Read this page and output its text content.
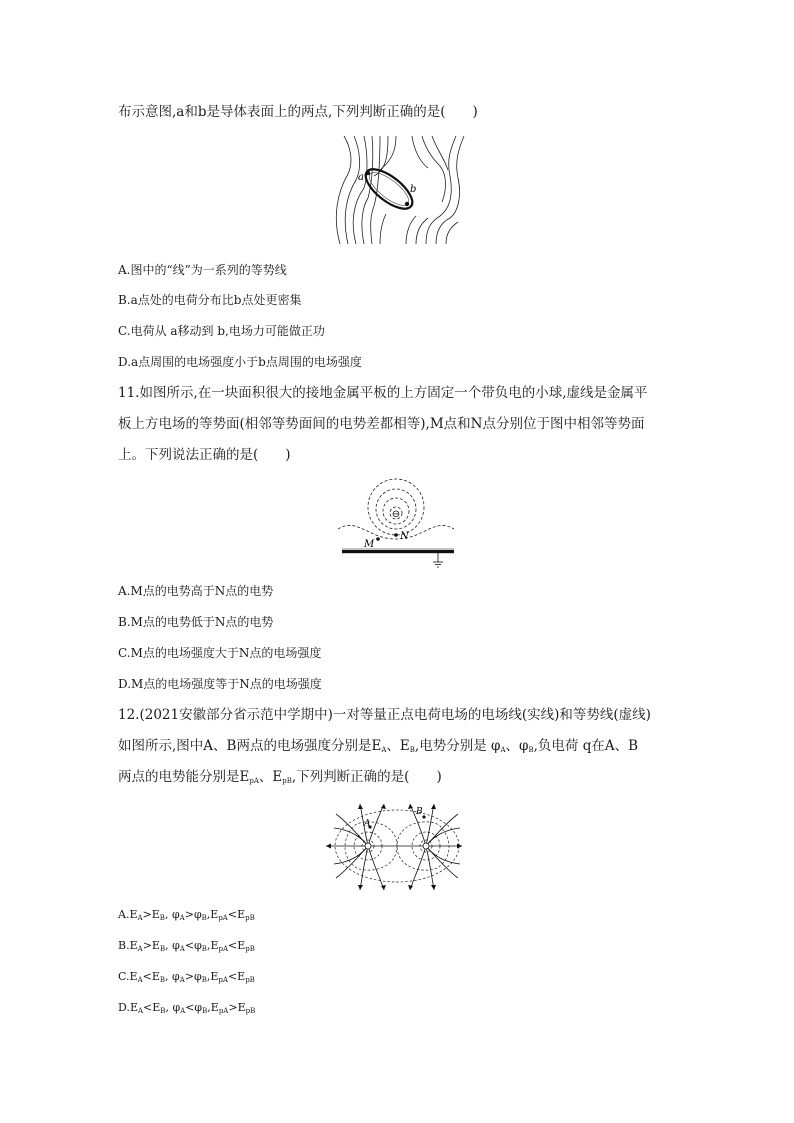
布示意图,a和b是导体表面上的两点,下列判断正确的是(　　)
a
b
A.图中的“线”为一系列的等势线
B.a点处的电荷分布比b点处更密集
C.电荷从 a移动到 b,电场力可能做正功
D.a点周围的电场强度小于b点周围的电场强度
11.如图所示,在一块面积很大的接地金属平板的上方固定一个带负电的小球,虚线是金属平
板上方电场的等势面(相邻等势面间的电势差都相等),M点和N点分别位于图中相邻等势面
上。下列说法正确的是(　　)
⊖
M
N
A.M点的电势高于N点的电势
B.M点的电势低于N点的电势
C.M点的电场强度大于N点的电场强度
D.M点的电场强度等于N点的电场强度
12.(2021安徽部分省示范中学期中)一对等量正点电荷电场的电场线(实线)和等势线(虚线)
如图所示,图中A、B两点的电场强度分别是$E_A$、$E_B$,电势分别是 $\varphi_A$、$\varphi_B$,负电荷 q在A、B
两点的电势能分别是$E_{pA}$、$E_{pB}$,下列判断正确的是(　　)
A
B
$A.E_A>E_B$, $\varphi_A>\varphi_B,E_{pA}<E_{pB}$
$B.E_A>E_B$, $\varphi_A<\varphi_B,E_{pA}<E_{pB}$
$C.E_A<E_B$, $\varphi_A>\varphi_B,E_{pA}<E_{pB}$
$D.E_A<E_B$, $\varphi_A<\varphi_B,E_{pA}>E_{pB}$
